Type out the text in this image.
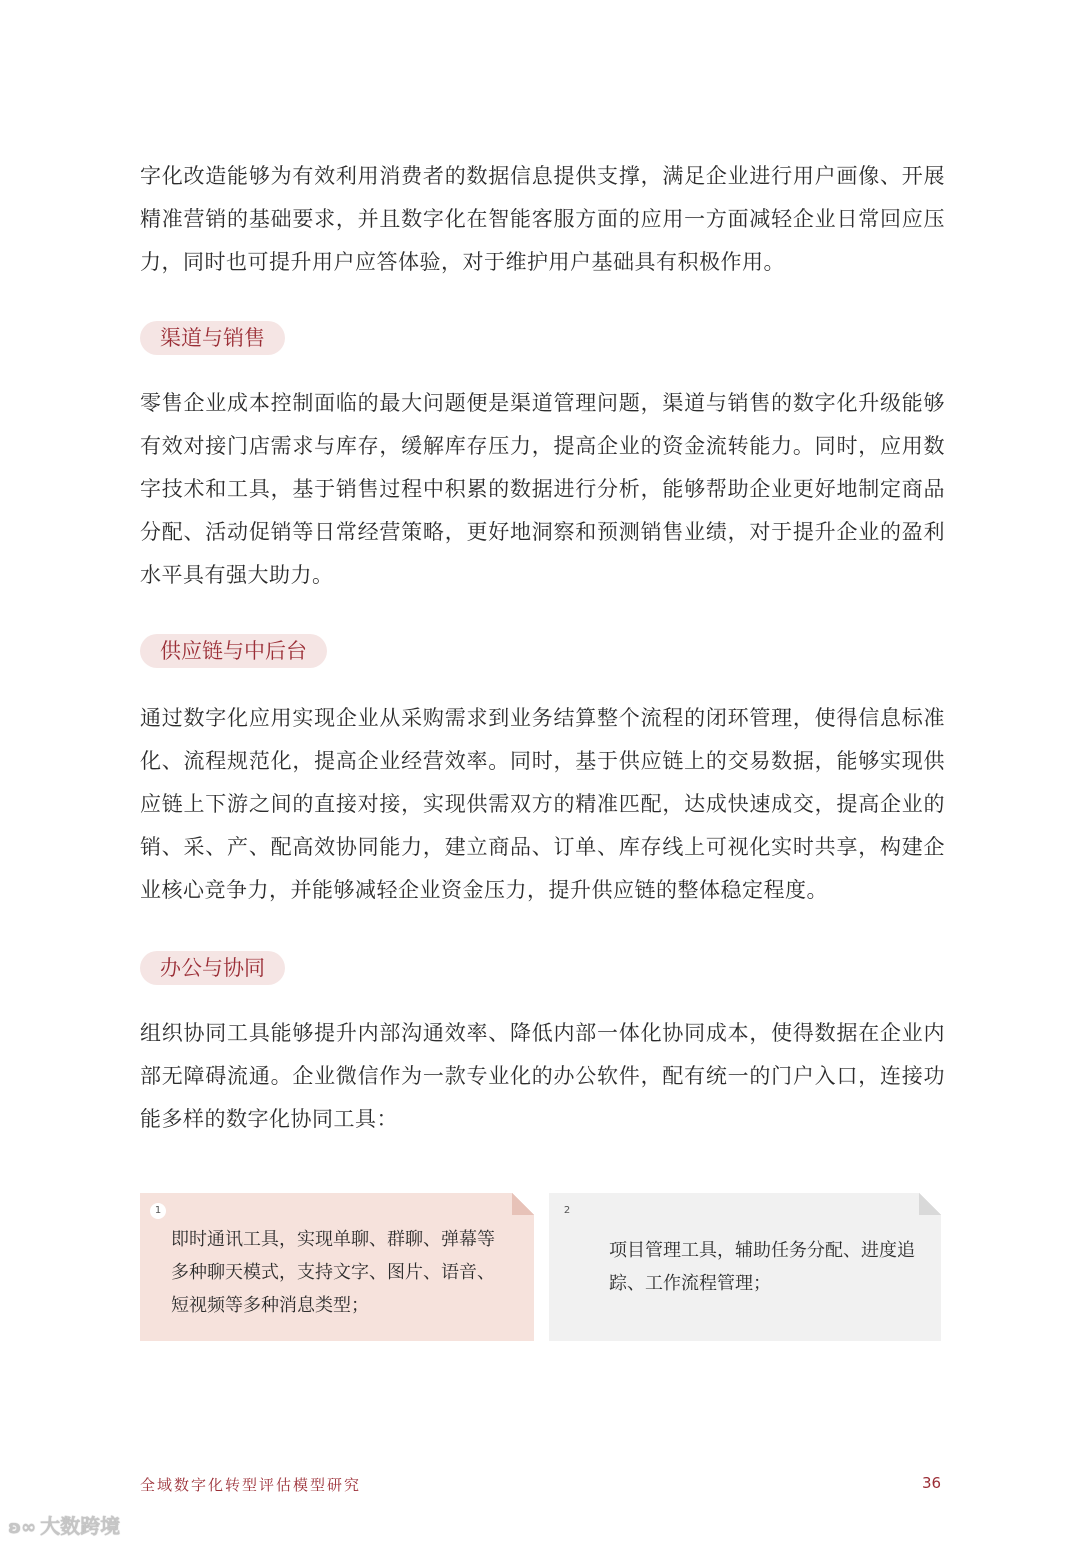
字化改造能够为有效利用消费者的数据信息提供支撑，满足企业进行用户画像、开展精准营销的基础要求，并且数字化在智能客服方面的应用一方面减轻企业日常回应压力，同时也可提升用户应答体验，对于维护用户基础具有积极作用。

渠道与销售

零售企业成本控制面临的最大问题便是渠道管理问题，渠道与销售的数字化升级能够有效对接门店需求与库存，缓解库存压力，提高企业的资金流转能力。同时，应用数字技术和工具，基于销售过程中积累的数据进行分析，能够帮助企业更好地制定商品分配、活动促销等日常经营策略，更好地洞察和预测销售业绩，对于提升企业的盈利水平具有强大助力。

供应链与中后台

通过数字化应用实现企业从采购需求到业务结算整个流程的闭环管理，使得信息标准化、流程规范化，提高企业经营效率。同时，基于供应链上的交易数据，能够实现供应链上下游之间的直接对接，实现供需双方的精准匹配，达成快速成交，提高企业的销、采、产、配高效协同能力，建立商品、订单、库存线上可视化实时共享，构建企业核心竞争力，并能够减轻企业资金压力，提升供应链的整体稳定程度。

办公与协同

组织协同工具能够提升内部沟通效率、降低内部一体化协同成本，使得数据在企业内部无障碍流通。企业微信作为一款专业化的办公软件，配有统一的门户入口，连接功能多样的数字化协同工具：

1

即时通讯工具，实现单聊、群聊、弹幕等多种聊天模式，支持文字、图片、语音、短视频等多种消息类型；

2

项目管理工具，辅助任务分配、进度追踪、工作流程管理；

全域数字化转型评估模型研究	36
ʚ∞ 大数跨境
